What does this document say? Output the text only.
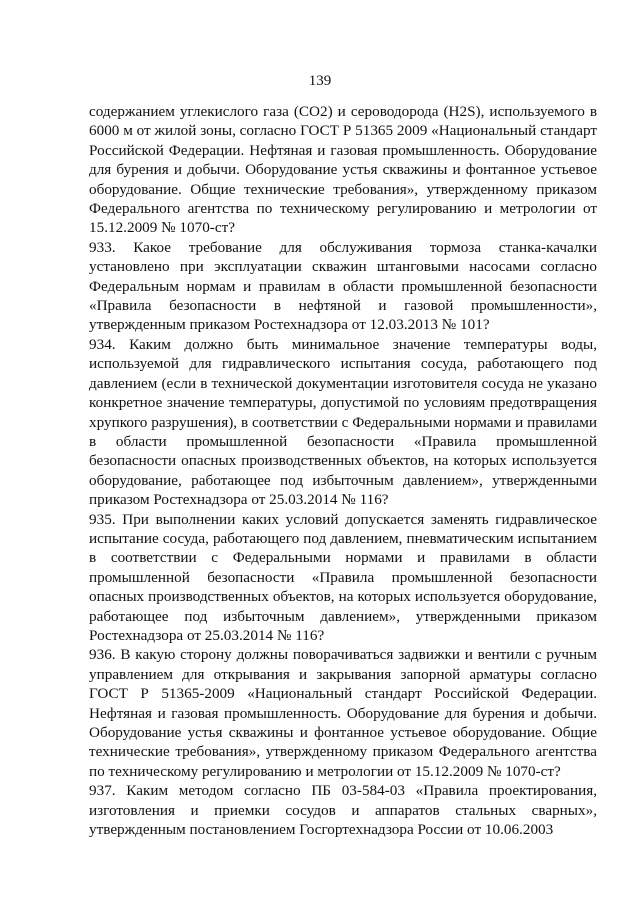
139

содержанием углекислого газа (CO2) и сероводорода (H2S), используемого в 6000 м от жилой зоны, согласно ГОСТ Р 51365 2009 «Национальный стандарт Российской Федерации. Нефтяная и газовая промышленность. Оборудование для бурения и добычи. Оборудование устья скважины и фонтанное устьевое оборудование. Общие технические требования», утвержденному приказом Федерального агентства по техническому регулированию и метрологии от 15.12.2009 № 1070-ст?

933. Какое требование для обслуживания тормоза станка-качалки установлено при эксплуатации скважин штанговыми насосами согласно Федеральным нормам и правилам в области промышленной безопасности «Правила безопасности в нефтяной и газовой промышленности», утвержденным приказом Ростехнадзора от 12.03.2013 № 101?

934. Каким должно быть минимальное значение температуры воды, используемой для гидравлического испытания сосуда, работающего под давлением (если в технической документации изготовителя сосуда не указано конкретное значение температуры, допустимой по условиям предотвращения хрупкого разрушения), в соответствии с Федеральными нормами и правилами в области промышленной безопасности «Правила промышленной безопасности опасных производственных объектов, на которых используется оборудование, работающее под избыточным давлением», утвержденными приказом Ростехнадзора от 25.03.2014 № 116?

935. При выполнении каких условий допускается заменять гидравлическое испытание сосуда, работающего под давлением, пневматическим испытанием в соответствии с Федеральными нормами и правилами в области промышленной безопасности «Правила промышленной безопасности опасных производственных объектов, на которых используется оборудование, работающее под избыточным давлением», утвержденными приказом Ростехнадзора от 25.03.2014 № 116?

936. В какую сторону должны поворачиваться задвижки и вентили с ручным управлением для открывания и закрывания запорной арматуры согласно ГОСТ Р 51365-2009 «Национальный стандарт Российской Федерации. Нефтяная и газовая промышленность. Оборудование для бурения и добычи. Оборудование устья скважины и фонтанное устьевое оборудование. Общие технические требования», утвержденному приказом Федерального агентства по техническому регулированию и метрологии от 15.12.2009 № 1070-ст?

937. Каким методом согласно ПБ 03-584-03 «Правила проектирования, изготовления и приемки сосудов и аппаратов стальных сварных», утвержденным постановлением Госгортехнадзора России от 10.06.2003
